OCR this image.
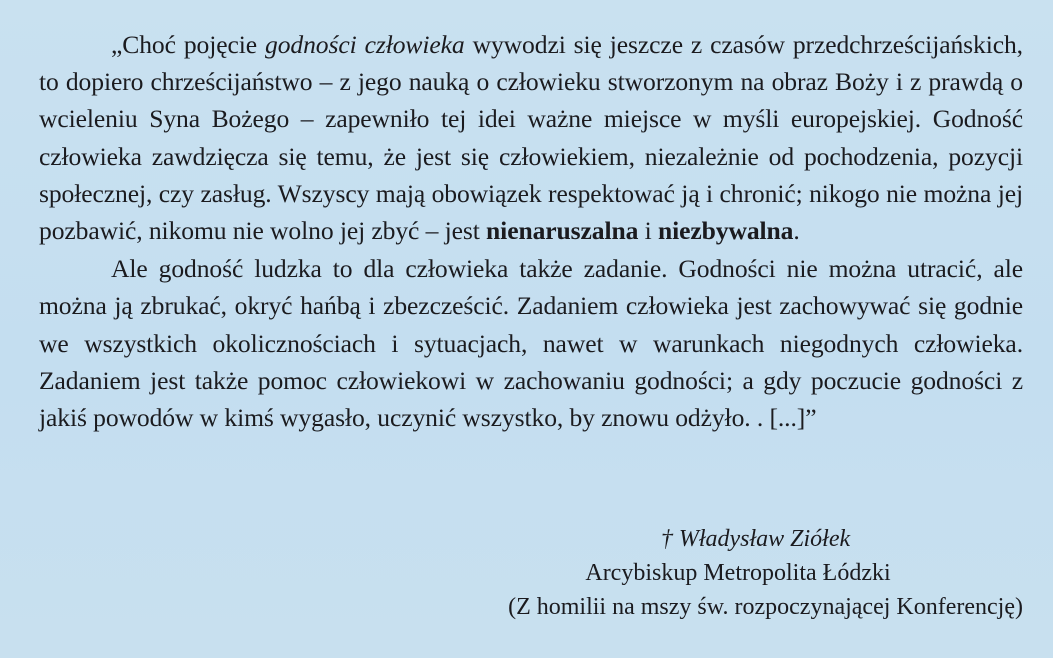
„Choć pojęcie godności człowieka wywodzi się jeszcze z czasów przedchrześcijańskich, to dopiero chrześcijaństwo – z jego nauką o człowieku stworzonym na obraz Boży i z prawdą o wcieleniu Syna Bożego – zapewniło tej idei ważne miejsce w myśli europejskiej. Godność człowieka zawdzięcza się temu, że jest się człowiekiem, niezależnie od pochodzenia, pozycji społecznej, czy zasług. Wszyscy mają obowiązek respektować ją i chronić; nikogo nie można jej pozbawić, nikomu nie wolno jej zbyć – jest nienaruszalna i niezbywalna.

Ale godność ludzka to dla człowieka także zadanie. Godności nie można utracić, ale można ją zbrukać, okryć hańbą i zbezcześcić. Zadaniem człowieka jest zachowywać się godnie we wszystkich okolicznościach i sytuacjach, nawet w warunkach niegodnych człowieka. Zadaniem jest także pomoc człowiekowi w zachowaniu godności; a gdy poczucie godności z jakiś powodów w kimś wygasło, uczynić wszystko, by znowu odżyło. . [...]”

† Władysław Ziółek
Arcybiskup Metropolita Łódzki
(Z homilii na mszy św. rozpoczynającej Konferencję)
